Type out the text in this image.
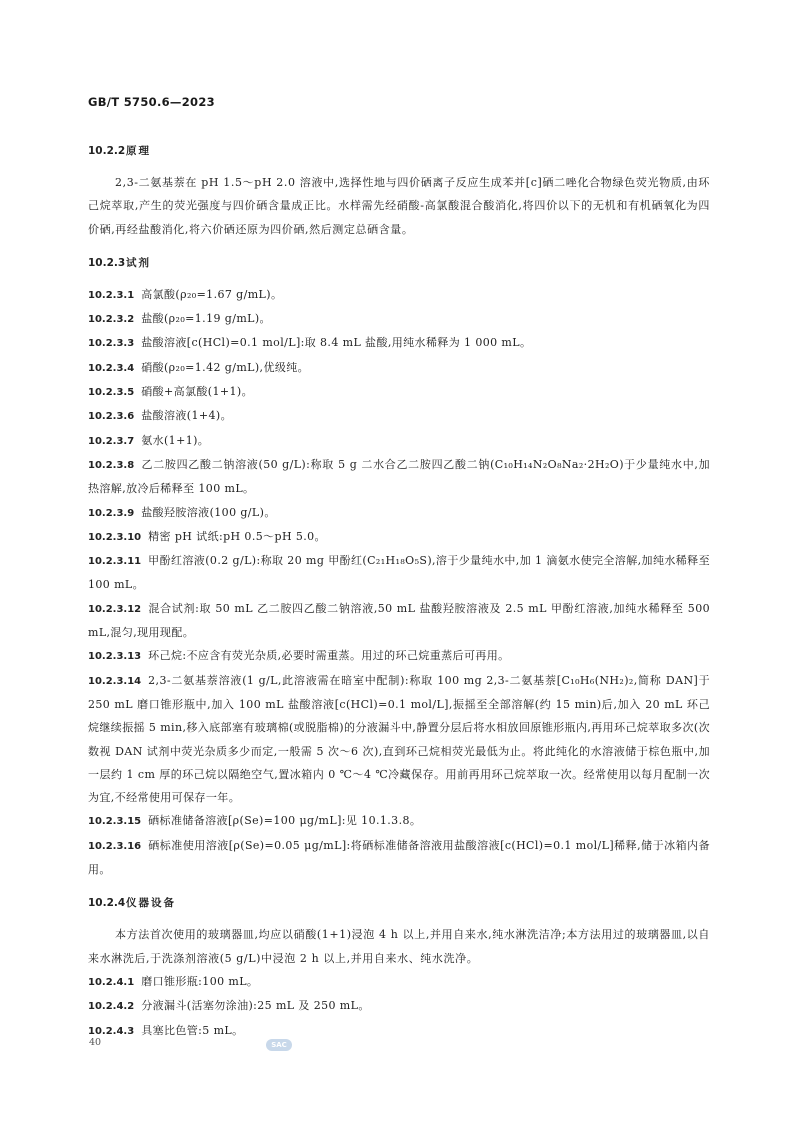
GB/T 5750.6—2023
10.2.2原理

2,3-二氨基萘在 pH 1.5～pH 2.0 溶液中,选择性地与四价硒离子反应生成苯并[c]硒二唑化合物绿色荧光物质,由环己烷萃取,产生的荧光强度与四价硒含量成正比。水样需先经硝酸-高氯酸混合酸消化,将四价以下的无机和有机硒氧化为四价硒,再经盐酸消化,将六价硒还原为四价硒,然后测定总硒含量。

10.2.3试剂

10.2.3.1 高氯酸(ρ₂₀=1.67 g/mL)。

10.2.3.2 盐酸(ρ₂₀=1.19 g/mL)。

10.2.3.3 盐酸溶液[c(HCl)=0.1 mol/L]:取 8.4 mL 盐酸,用纯水稀释为 1 000 mL。

10.2.3.4 硝酸(ρ₂₀=1.42 g/mL),优级纯。

10.2.3.5 硝酸+高氯酸(1+1)。

10.2.3.6 盐酸溶液(1+4)。

10.2.3.7 氨水(1+1)。

10.2.3.8 乙二胺四乙酸二钠溶液(50 g/L):称取 5 g 二水合乙二胺四乙酸二钠(C₁₀H₁₄N₂O₈Na₂·2H₂O)于少量纯水中,加热溶解,放冷后稀释至 100 mL。

10.2.3.9 盐酸羟胺溶液(100 g/L)。

10.2.3.10 精密 pH 试纸:pH 0.5～pH 5.0。

10.2.3.11 甲酚红溶液(0.2 g/L):称取 20 mg 甲酚红(C₂₁H₁₈O₅S),溶于少量纯水中,加 1 滴氨水使完全溶解,加纯水稀释至 100 mL。

10.2.3.12 混合试剂:取 50 mL 乙二胺四乙酸二钠溶液,50 mL 盐酸羟胺溶液及 2.5 mL 甲酚红溶液,加纯水稀释至 500 mL,混匀,现用现配。

10.2.3.13 环己烷:不应含有荧光杂质,必要时需重蒸。用过的环己烷重蒸后可再用。

10.2.3.14 2,3-二氨基萘溶液(1 g/L,此溶液需在暗室中配制):称取 100 mg 2,3-二氨基萘[C₁₀H₆(NH₂)₂,简称 DAN]于 250 mL 磨口锥形瓶中,加入 100 mL 盐酸溶液[c(HCl)=0.1 mol/L],振摇至全部溶解(约 15 min)后,加入 20 mL 环己烷继续振摇 5 min,移入底部塞有玻璃棉(或脱脂棉)的分液漏斗中,静置分层后将水相放回原锥形瓶内,再用环己烷萃取多次(次数视 DAN 试剂中荧光杂质多少而定,一般需 5 次～6 次),直到环己烷相荧光最低为止。将此纯化的水溶液储于棕色瓶中,加一层约 1 cm 厚的环己烷以隔绝空气,置冰箱内 0 ℃～4 ℃冷藏保存。用前再用环己烷萃取一次。经常使用以每月配制一次为宜,不经常使用可保存一年。

10.2.3.15 硒标准储备溶液[ρ(Se)=100 μg/mL]:见 10.1.3.8。

10.2.3.16 硒标准使用溶液[ρ(Se)=0.05 μg/mL]:将硒标准储备溶液用盐酸溶液[c(HCl)=0.1 mol/L]稀释,储于冰箱内备用。

10.2.4仪器设备

本方法首次使用的玻璃器皿,均应以硝酸(1+1)浸泡 4 h 以上,并用自来水,纯水淋洗洁净;本方法用过的玻璃器皿,以自来水淋洗后,于洗涤剂溶液(5 g/L)中浸泡 2 h 以上,并用自来水、纯水洗净。

10.2.4.1 磨口锥形瓶:100 mL。

10.2.4.2 分液漏斗(活塞勿涂油):25 mL 及 250 mL。

10.2.4.3 具塞比色管:5 mL。

40	SAC
